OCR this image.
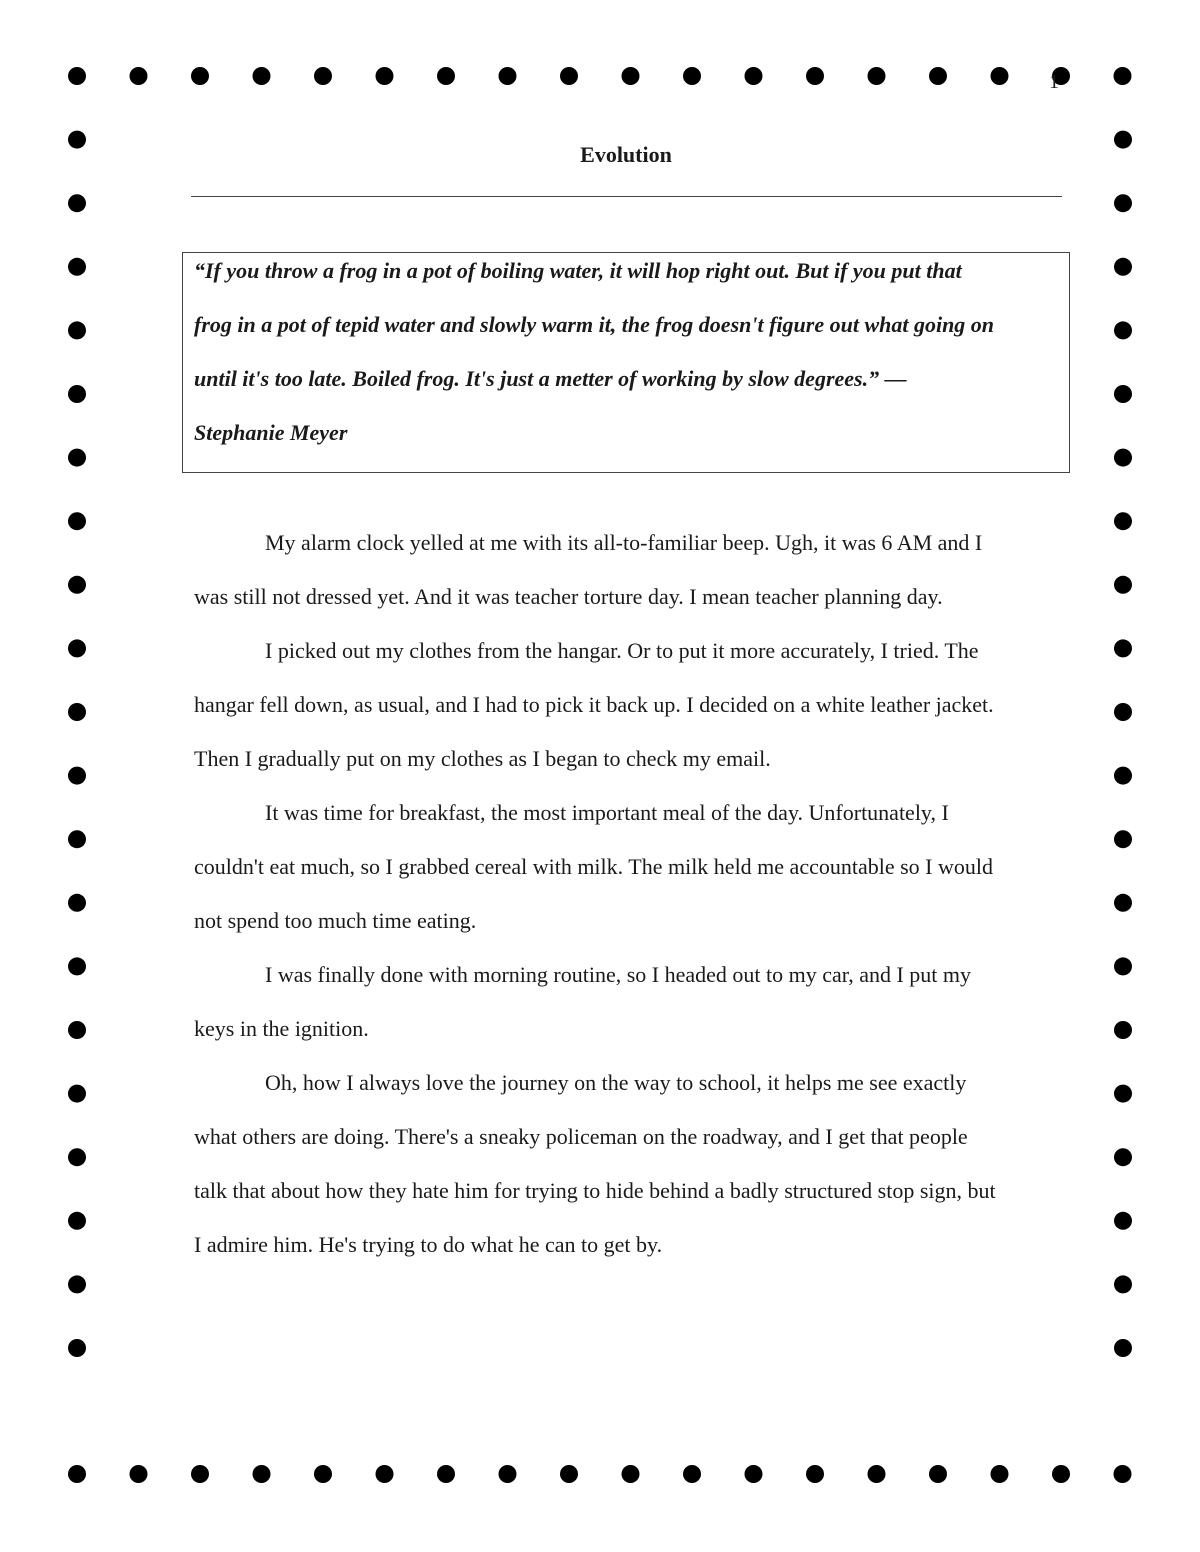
1
Evolution

“If you throw a frog in a pot of boiling water, it will hop right out. But if you put that

frog in a pot of tepid water and slowly warm it, the frog doesn't figure out what going on

until it's too late. Boiled frog. It's just a metter of working by slow degrees.” —

Stephanie Meyer

My alarm clock yelled at me with its all-to-familiar beep. Ugh, it was 6 AM and I

was still not dressed yet. And it was teacher torture day. I mean teacher planning day.

I picked out my clothes from the hangar. Or to put it more accurately, I tried. The

hangar fell down, as usual, and I had to pick it back up. I decided on a white leather jacket.

Then I gradually put on my clothes as I began to check my email.

It was time for breakfast, the most important meal of the day. Unfortunately, I

couldn't eat much, so I grabbed cereal with milk. The milk held me accountable so I would

not spend too much time eating.

I was finally done with morning routine, so I headed out to my car, and I put my

keys in the ignition.

Oh, how I always love the journey on the way to school, it helps me see exactly

what others are doing. There's a sneaky policeman on the roadway, and I get that people

talk that about how they hate him for trying to hide behind a badly structured stop sign, but

I admire him. He's trying to do what he can to get by.
